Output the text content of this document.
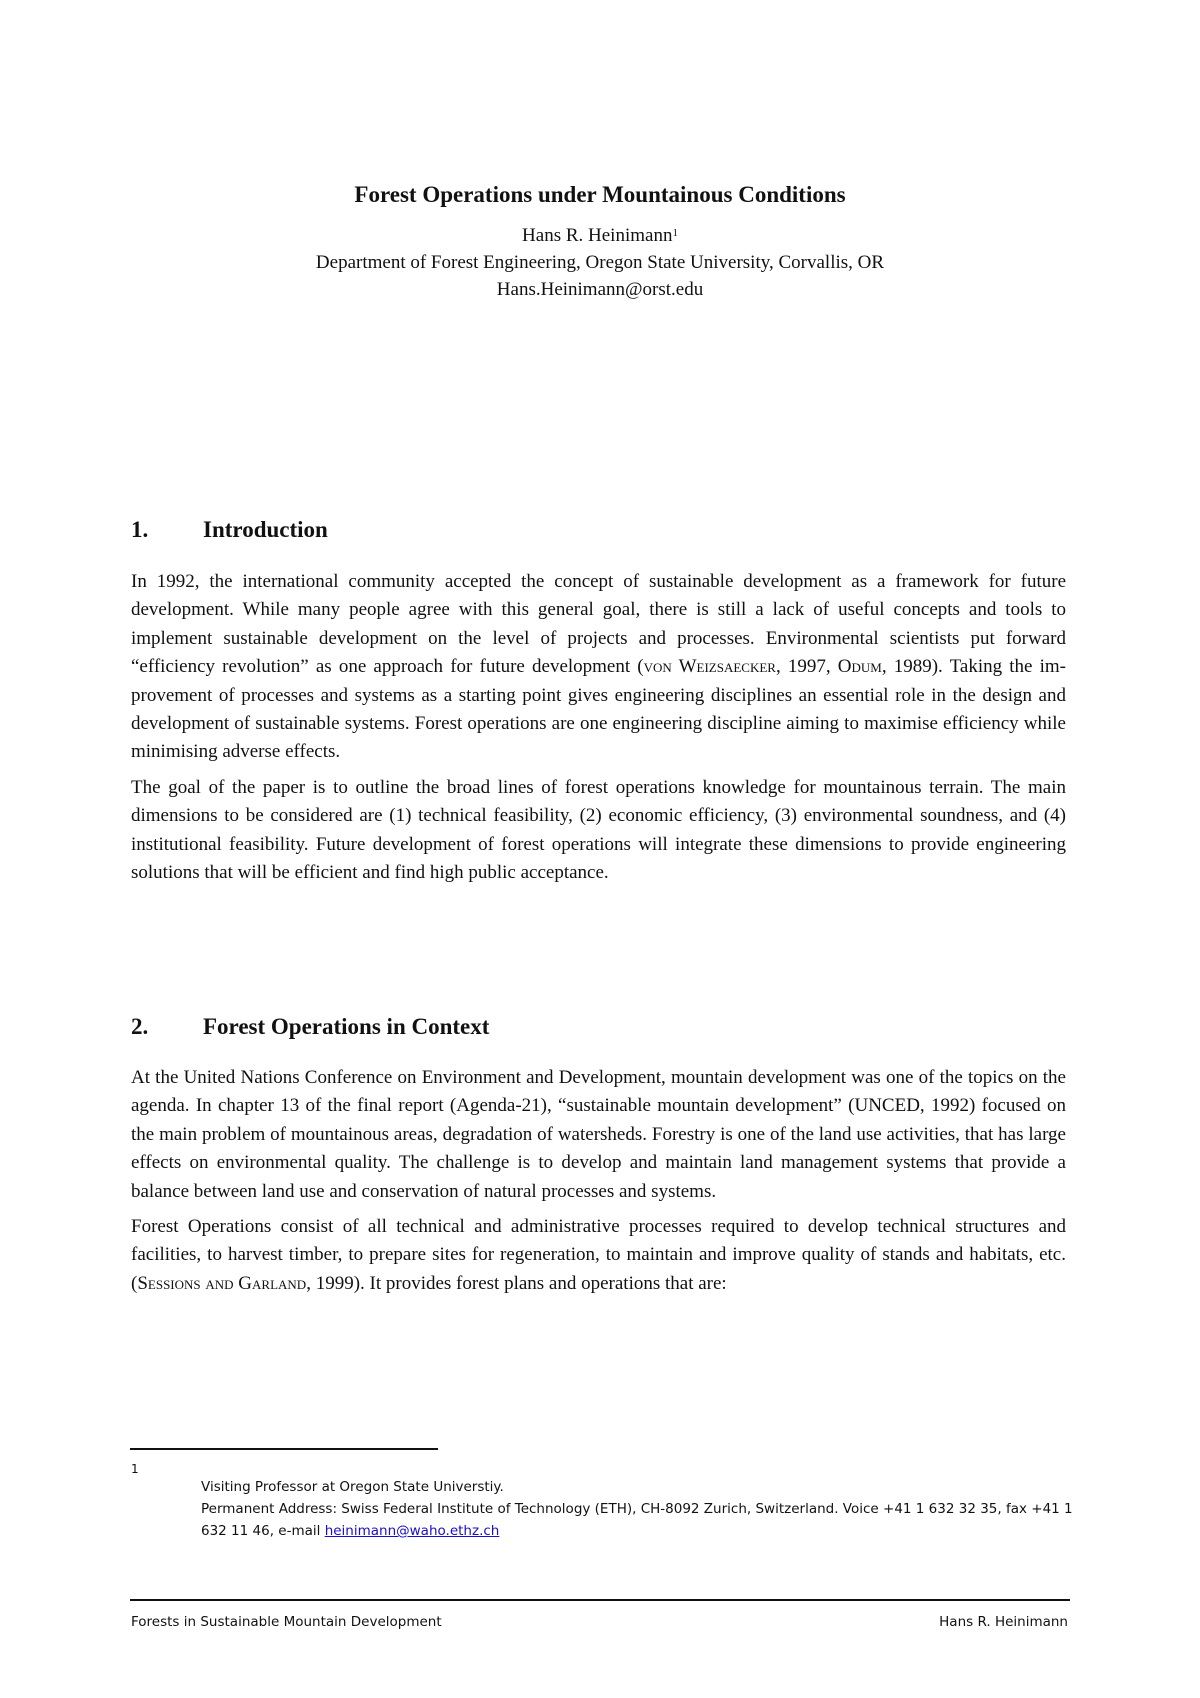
Forest Operations under Mountainous Conditions
Hans R. Heinimann$^1$
Department of Forest Engineering, Oregon State University, Corvallis, OR
Hans.Heinimann@orst.edu
1. Introduction

In 1992, the international community accepted the concept of sustainable development as a framework for future development. While many people agree with this general goal, there is still a lack of useful concepts and tools to implement sustainable development on the level of projects and processes. Environmental scientists put forward “efficiency revolution” as one approach for future development (von Weizsaecker, 1997, Odum, 1989). Taking the improvement of processes and systems as a starting point gives engineering disciplines an essential role in the design and development of sustainable systems. Forest operations are one engineering discipline aiming to maximise efficiency while minimising adverse effects.

The goal of the paper is to outline the broad lines of forest operations knowledge for mountainous terrain. The main dimensions to be considered are (1) technical feasibility, (2) economic efficiency, (3) environmental soundness, and (4) institutional feasibility. Future development of forest operations will integrate these dimensions to provide engineering solutions that will be efficient and find high public acceptance.

2. Forest Operations in Context

At the United Nations Conference on Environment and Development, mountain development was one of the topics on the agenda. In chapter 13 of the final report (Agenda-21), “sustainable mountain development” (UNCED, 1992) focused on the main problem of mountainous areas, degradation of watersheds. Forestry is one of the land use activities, that has large effects on environmental quality. The challenge is to develop and maintain land management systems that provide a balance between land use and conservation of natural processes and systems.

Forest Operations consist of all technical and administrative processes required to develop technical structures and facilities, to harvest timber, to prepare sites for regeneration, to maintain and improve quality of stands and habitats, etc. (Sessions and Garland, 1999). It provides forest plans and operations that are:

1
Visiting Professor at Oregon State Universtiy.
Permanent Address: Swiss Federal Institute of Technology (ETH), CH-8092 Zurich, Switzerland. Voice +41 1 632 32 35, fax +41 1 632 11 46, e-mail heinimann@waho.ethz.ch
Forests in Sustainable Mountain Development	Hans R. Heinimann
